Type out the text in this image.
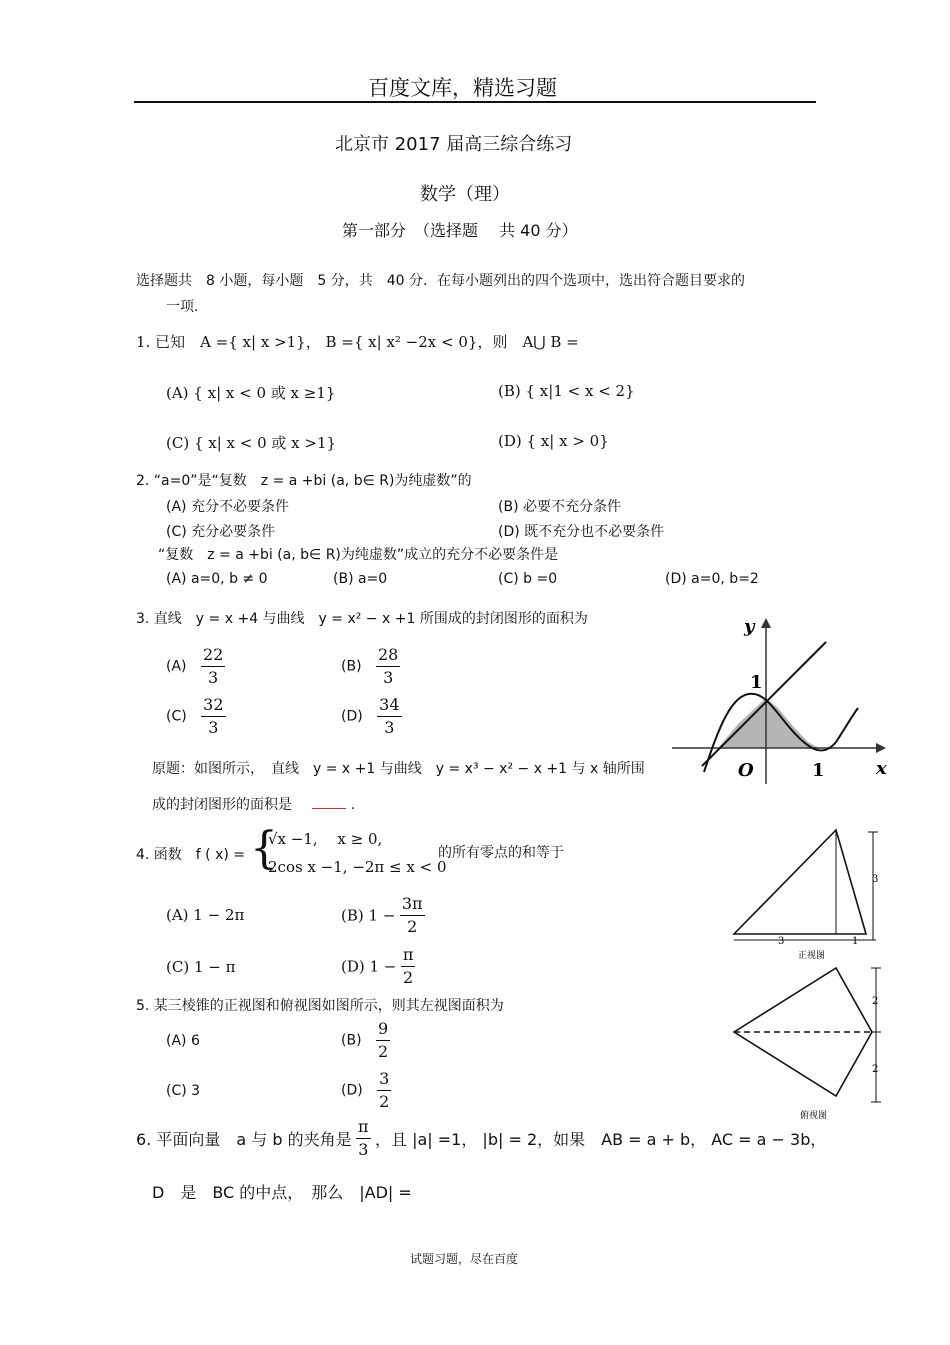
百度文库，精选习题
北京市 2017 届高三综合练习
数学（理）
第一部分　（选择题　 共 40 分）
选择题共　8 小题，每小题　5 分，共　40 分．在每小题列出的四个选项中，选出符合题目要求的
一项.
1. 已知　A ={ x| x >1}， B ={ x| x² −2x < 0}，则　A⋃ B =
(A) { x| x < 0 或 x ≥1}	(B) { x|1 < x < 2}
(C) { x| x < 0 或 x >1}	(D) { x| x > 0}
2. “a=0”是“复数　z = a +bi (a, b∈ R)为纯虚数”的
(A) 充分不必要条件	(B) 必要不充分条件
(C) 充分必要条件	(D) 既不充分也不必要条件
“复数　z = a +bi (a, b∈ R)为纯虚数”成立的充分不必要条件是
(A) a=0, b ≠ 0	(B) a=0	(C) b =0	(D) a=0, b=2
3. 直线　y = x +4 与曲线　y = x² − x +1 所围成的封闭图形的面积为
$(A) \frac{22}{3}$	$(B) \frac{28}{3}$
$(C) \frac{32}{3}$	$(D) \frac{34}{3}$
原题：如图所示，　直线　y = x +1 与曲线　y = x³ − x² − x +1 与 x 轴所围
成的封闭图形的面积是	.
y
x
O
1
1
4. 函数　f ( x) = {
√x −1,　 x ≥ 0,
2cos x −1, −2π ≤ x < 0
的所有零点的和等于
(A) 1 − 2π	(B) $1 - \frac{3\pi}{2}$
(C) 1 − π	(D) $1 - \frac{\pi}{2}$
3	1
3
正视图
5. 某三棱锥的正视图和俯视图如图所示，则其左视图面积为
(A) 6	$(B) \frac{9}{2}$
(C) 3	$(D) \frac{3}{2}$
2
2
俯视图
6. 平面向量　a 与 b 的夹角是 $\frac{\pi}{3}$ ，且 |a| =1， |b| = 2，如果　AB = a + b， AC = a − 3b，
D　是　BC 的中点，　那么　|AD| =
试题习题，尽在百度
